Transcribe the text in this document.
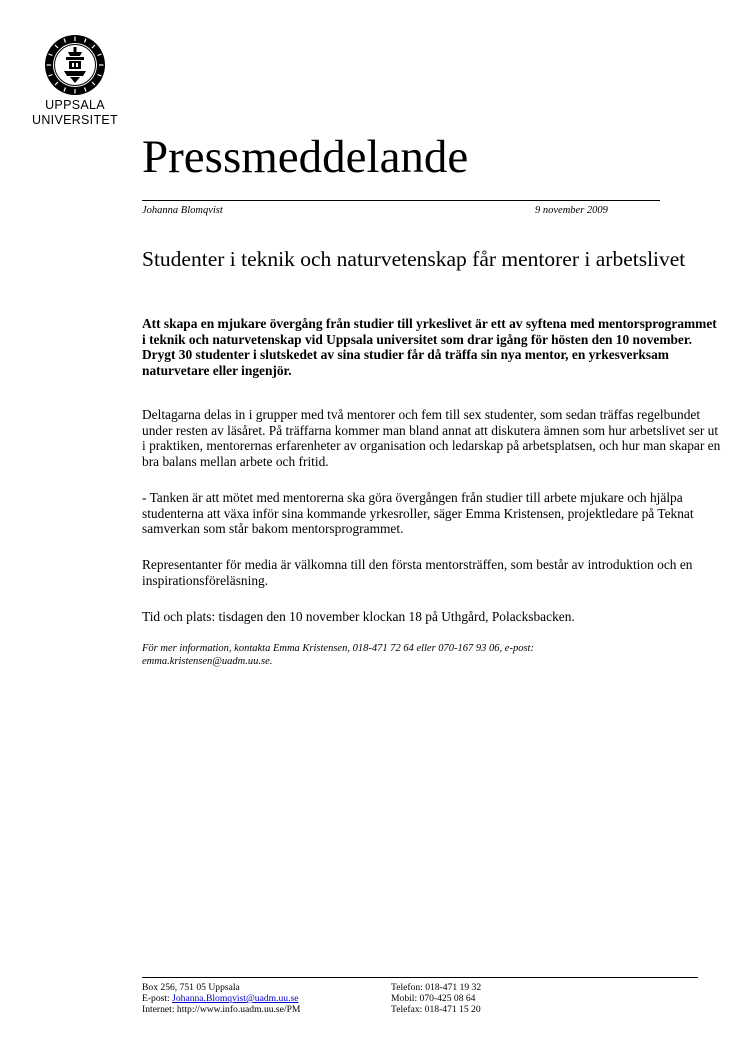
UPPSALA
UNIVERSITET
Pressmeddelande
Johanna Blomqvist	9 november 2009
Studenter i teknik och naturvetenskap får mentorer i arbetslivet

Att skapa en mjukare övergång från studier till yrkeslivet är ett av syftena med mentorsprogrammet i teknik och naturvetenskap vid Uppsala universitet som drar igång för hösten den 10 november. Drygt 30 studenter i slutskedet av sina studier får då träffa sin nya mentor, en yrkesverksam naturvetare eller ingenjör.

Deltagarna delas in i grupper med två mentorer och fem till sex studenter, som sedan träffas regelbundet under resten av läsåret. På träffarna kommer man bland annat att diskutera ämnen som hur arbetslivet ser ut i praktiken, mentorernas erfarenheter av organisation och ledarskap på arbetsplatsen, och hur man skapar en bra balans mellan arbete och fritid.

- Tanken är att mötet med mentorerna ska göra övergången från studier till arbete mjukare och hjälpa studenterna att växa inför sina kommande yrkesroller, säger Emma Kristensen, projektledare på Teknat samverkan som står bakom mentorsprogrammet.

Representanter för media är välkomna till den första mentorsträffen, som består av introduktion och en inspirationsföreläsning.

Tid och plats: tisdagen den 10 november klockan 18 på Uthgård, Polacksbacken.

För mer information, kontakta Emma Kristensen, 018-471 72 64 eller 070-167 93 06, e-post: emma.kristensen@uadm.uu.se.

Box 256, 751 05 Uppsala
E-post: Johanna.Blomqvist@uadm.uu.se
Internet: http://www.info.uadm.uu.se/PM
Telefon: 018-471 19 32
Mobil: 070-425 08 64
Telefax: 018-471 15 20
